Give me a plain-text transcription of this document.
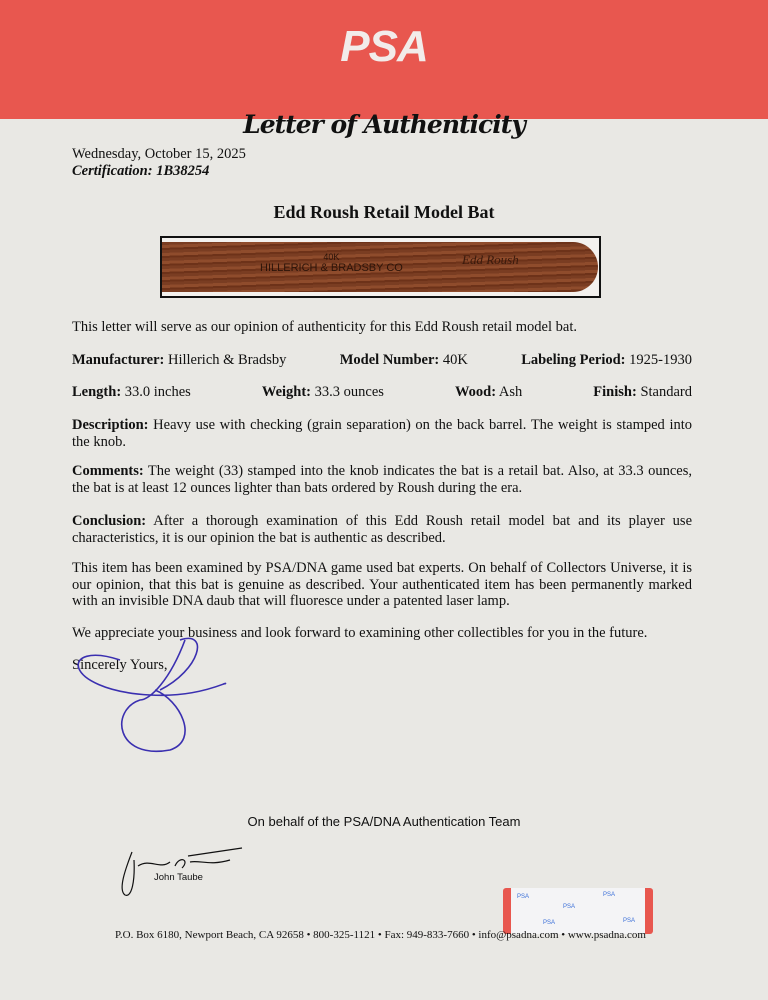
PSA
Letter of Authenticity
Wednesday, October 15, 2025
Certification: 1B38254
Edd Roush Retail Model Bat
40K
HILLERICH & BRADSBY CO
Edd Roush
This letter will serve as our opinion of authenticity for this Edd Roush retail model bat.
Manufacturer: Hillerich & Bradsby	Model Number: 40K	Labeling Period: 1925-1930
Length: 33.0 inches	Weight: 33.3 ounces	Wood: Ash	Finish: Standard
Description: Heavy use with checking (grain separation) on the back barrel. The weight is stamped into the knob.
Comments: The weight (33) stamped into the knob indicates the bat is a retail bat. Also, at 33.3 ounces, the bat is at least 12 ounces lighter than bats ordered by Roush during the era.
Conclusion: After a thorough examination of this Edd Roush retail model bat and its player use characteristics, it is our opinion the bat is authentic as described.
This item has been examined by PSA/DNA game used bat experts. On behalf of Collectors Universe, it is our opinion, that this bat is genuine as described. Your authenticated item has been permanently marked with an invisible DNA daub that will fluoresce under a patented laser lamp.
We appreciate your business and look forward to examining other collectibles for you in the future.
Sincerely Yours,
On behalf of the PSA/DNA Authentication Team
John Taube
PSA
PSA
PSA
PSA
PSA
P.O. Box 6180, Newport Beach, CA 92658 • 800-325-1121 • Fax: 949-833-7660 • info@psadna.com • www.psadna.com
